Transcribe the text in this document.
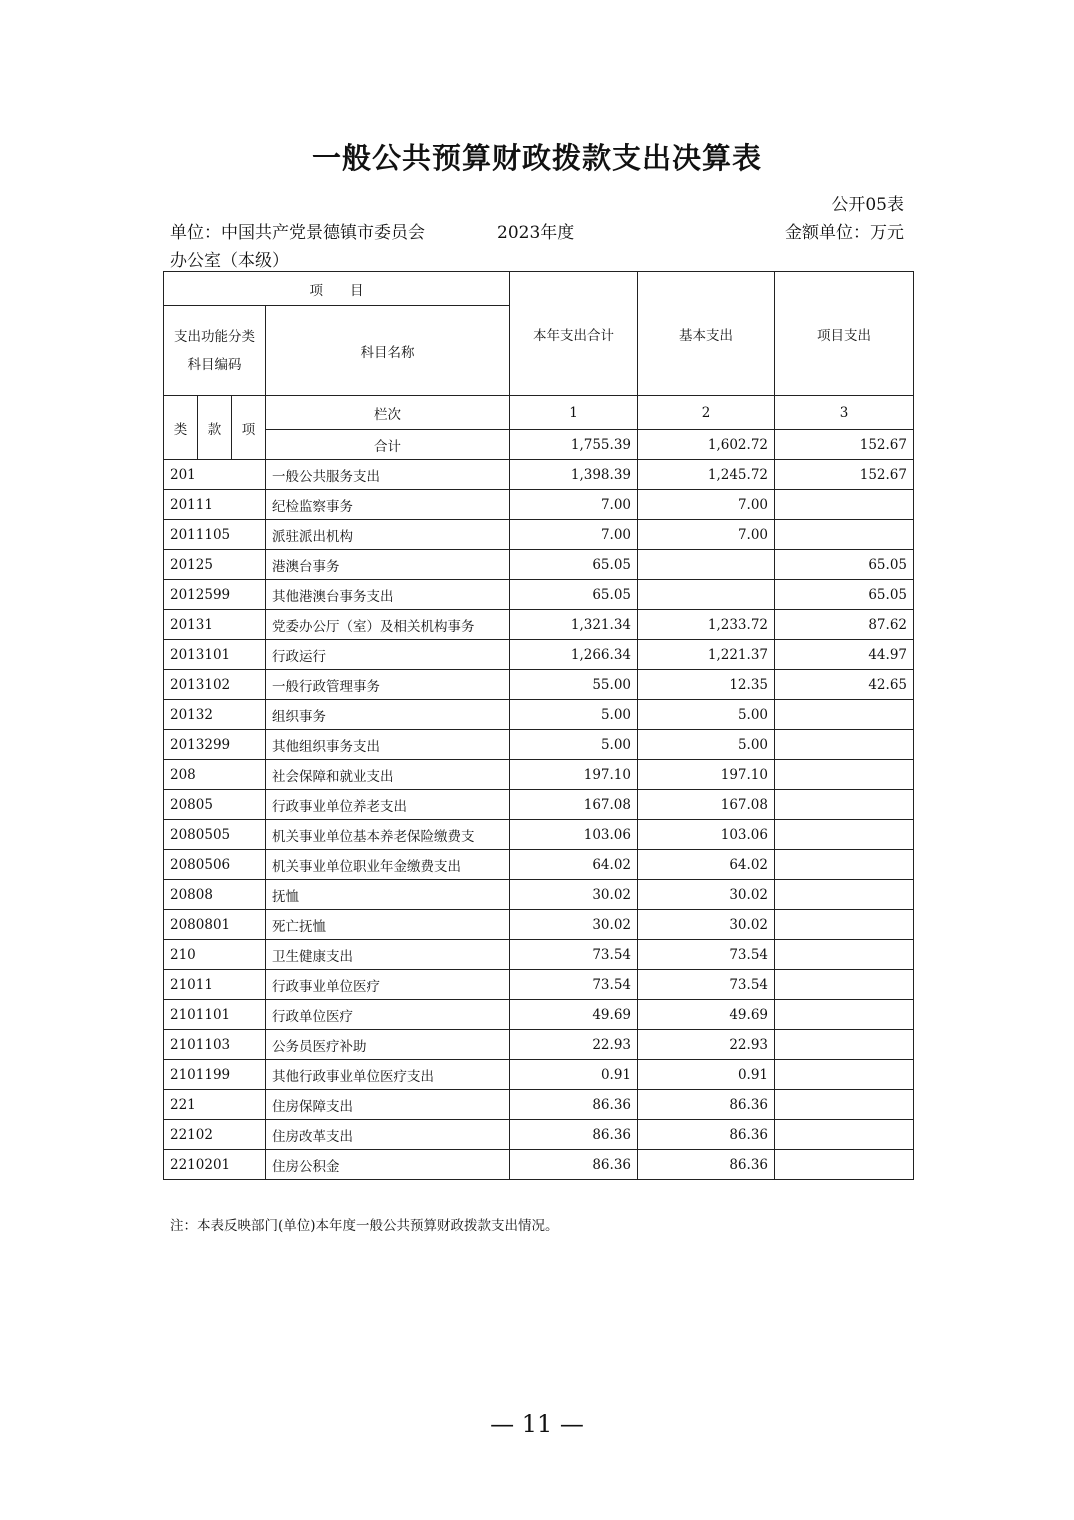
一般公共预算财政拨款支出决算表
公开05表
单位：中国共产党景德镇市委员会	2023年度	金额单位：万元
办公室（本级）
项　　目				本年支出合计	基本支出	项目支出

支出功能分类科目编码			科目名称			
类	款	项	栏次	1	2	3
			合计	1,755.39	1,602.72	152.67
201			一般公共服务支出	1,398.39	1,245.72	152.67
20111			纪检监察事务	7.00	7.00	
2011105			派驻派出机构	7.00	7.00	
20125			港澳台事务	65.05		65.05
2012599			其他港澳台事务支出	65.05		65.05
20131			党委办公厅（室）及相关机构事务	1,321.34	1,233.72	87.62
2013101			行政运行	1,266.34	1,221.37	44.97
2013102			一般行政管理事务	55.00	12.35	42.65
20132			组织事务	5.00	5.00	
2013299			其他组织事务支出	5.00	5.00	
208			社会保障和就业支出	197.10	197.10	
20805			行政事业单位养老支出	167.08	167.08	
2080505			机关事业单位基本养老保险缴费支	103.06	103.06	
2080506			机关事业单位职业年金缴费支出	64.02	64.02	
20808			抚恤	30.02	30.02	
2080801			死亡抚恤	30.02	30.02	
210			卫生健康支出	73.54	73.54	
21011			行政事业单位医疗	73.54	73.54	
2101101			行政单位医疗	49.69	49.69	
2101103			公务员医疗补助	22.93	22.93	
2101199			其他行政事业单位医疗支出	0.91	0.91	
221			住房保障支出	86.36	86.36	
22102			住房改革支出	86.36	86.36	
2210201			住房公积金	86.36	86.36	
注：本表反映部门(单位)本年度一般公共预算财政拨款支出情况。
— 11 —
